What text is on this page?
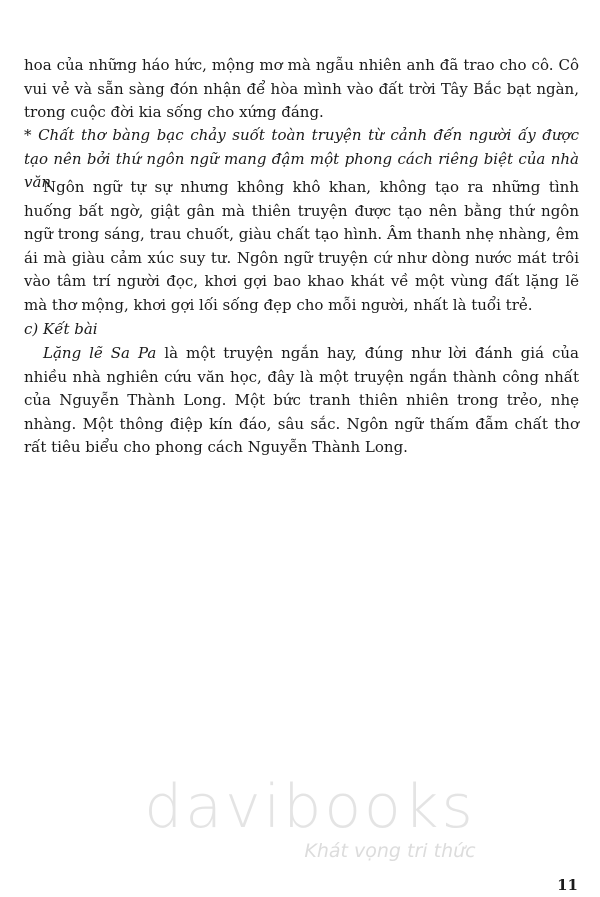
hoa của những háo hức, mộng mơ mà ngẫu nhiên anh đã trao cho cô. Cô vui vẻ và sẵn sàng đón nhận để hòa mình vào đất trời Tây Bắc bạt ngàn, trong cuộc đời kia sống cho xứng đáng.

* Chất thơ bàng bạc chảy suốt toàn truyện từ cảnh đến người ấy được tạo nên bởi thứ ngôn ngữ mang đậm một phong cách riêng biệt của nhà văn

Ngôn ngữ tự sự nhưng không khô khan, không tạo ra những tình huống bất ngờ, giật gân mà thiên truyện được tạo nên bằng thứ ngôn ngữ trong sáng, trau chuốt, giàu chất tạo hình. Âm thanh nhẹ nhàng, êm ái mà giàu cảm xúc suy tư. Ngôn ngữ truyện cứ như dòng nước mát trôi vào tâm trí người đọc, khơi gợi bao khao khát về một vùng đất lặng lẽ mà thơ mộng, khơi gợi lối sống đẹp cho mỗi người, nhất là tuổi trẻ.

c) Kết bài

Lặng lẽ Sa Pa là một truyện ngắn hay, đúng như lời đánh giá của nhiều nhà nghiên cứu văn học, đây là một truyện ngắn thành công nhất của Nguyễn Thành Long. Một bức tranh thiên nhiên trong trẻo, nhẹ nhàng. Một thông điệp kín đáo, sâu sắc. Ngôn ngữ thấm đẫm chất thơ rất tiêu biểu cho phong cách Nguyễn Thành Long.

davibooks
Khát vọng tri thức
11
